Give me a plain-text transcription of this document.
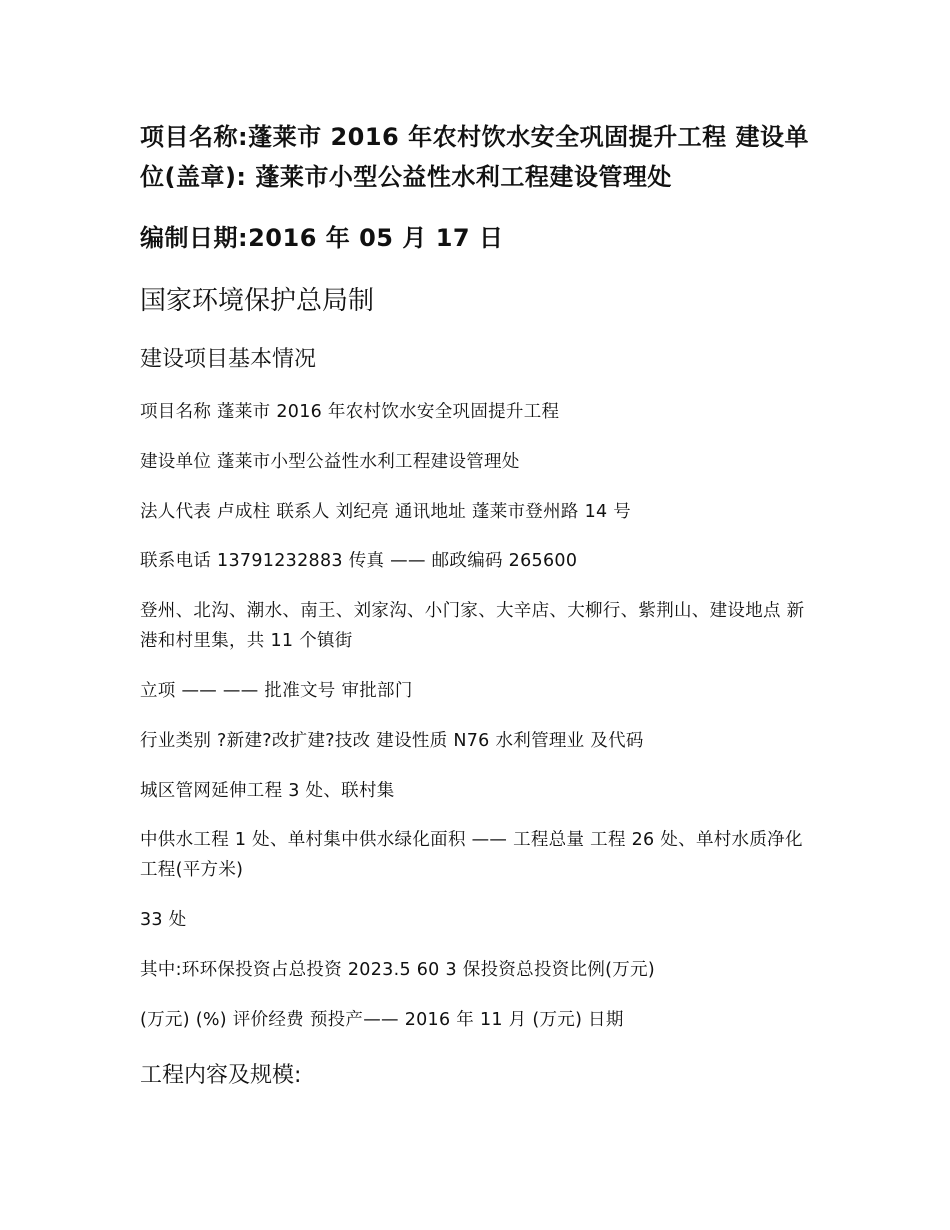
项目名称:蓬莱市 2016 年农村饮水安全巩固提升工程 建设单位(盖章): 蓬莱市小型公益性水利工程建设管理处
编制日期:2016 年 05 月 17 日
国家环境保护总局制
建设项目基本情况
项目名称 蓬莱市 2016 年农村饮水安全巩固提升工程
建设单位 蓬莱市小型公益性水利工程建设管理处
法人代表 卢成柱 联系人 刘纪亮 通讯地址 蓬莱市登州路 14 号
联系电话 13791232883 传真 —— 邮政编码 265600
登州、北沟、潮水、南王、刘家沟、小门家、大辛店、大柳行、紫荆山、建设地点 新港和村里集，共 11 个镇街
立项 —— —— 批准文号 审批部门
行业类别 ?新建?改扩建?技改 建设性质 N76 水利管理业 及代码
城区管网延伸工程 3 处、联村集
中供水工程 1 处、单村集中供水绿化面积 —— 工程总量 工程 26 处、单村水质净化工程(平方米)
33 处
其中:环环保投资占总投资 2023.5 60 3 保投资总投资比例(万元)
(万元) (%) 评价经费 预投产—— 2016 年 11 月 (万元) 日期
工程内容及规模:
